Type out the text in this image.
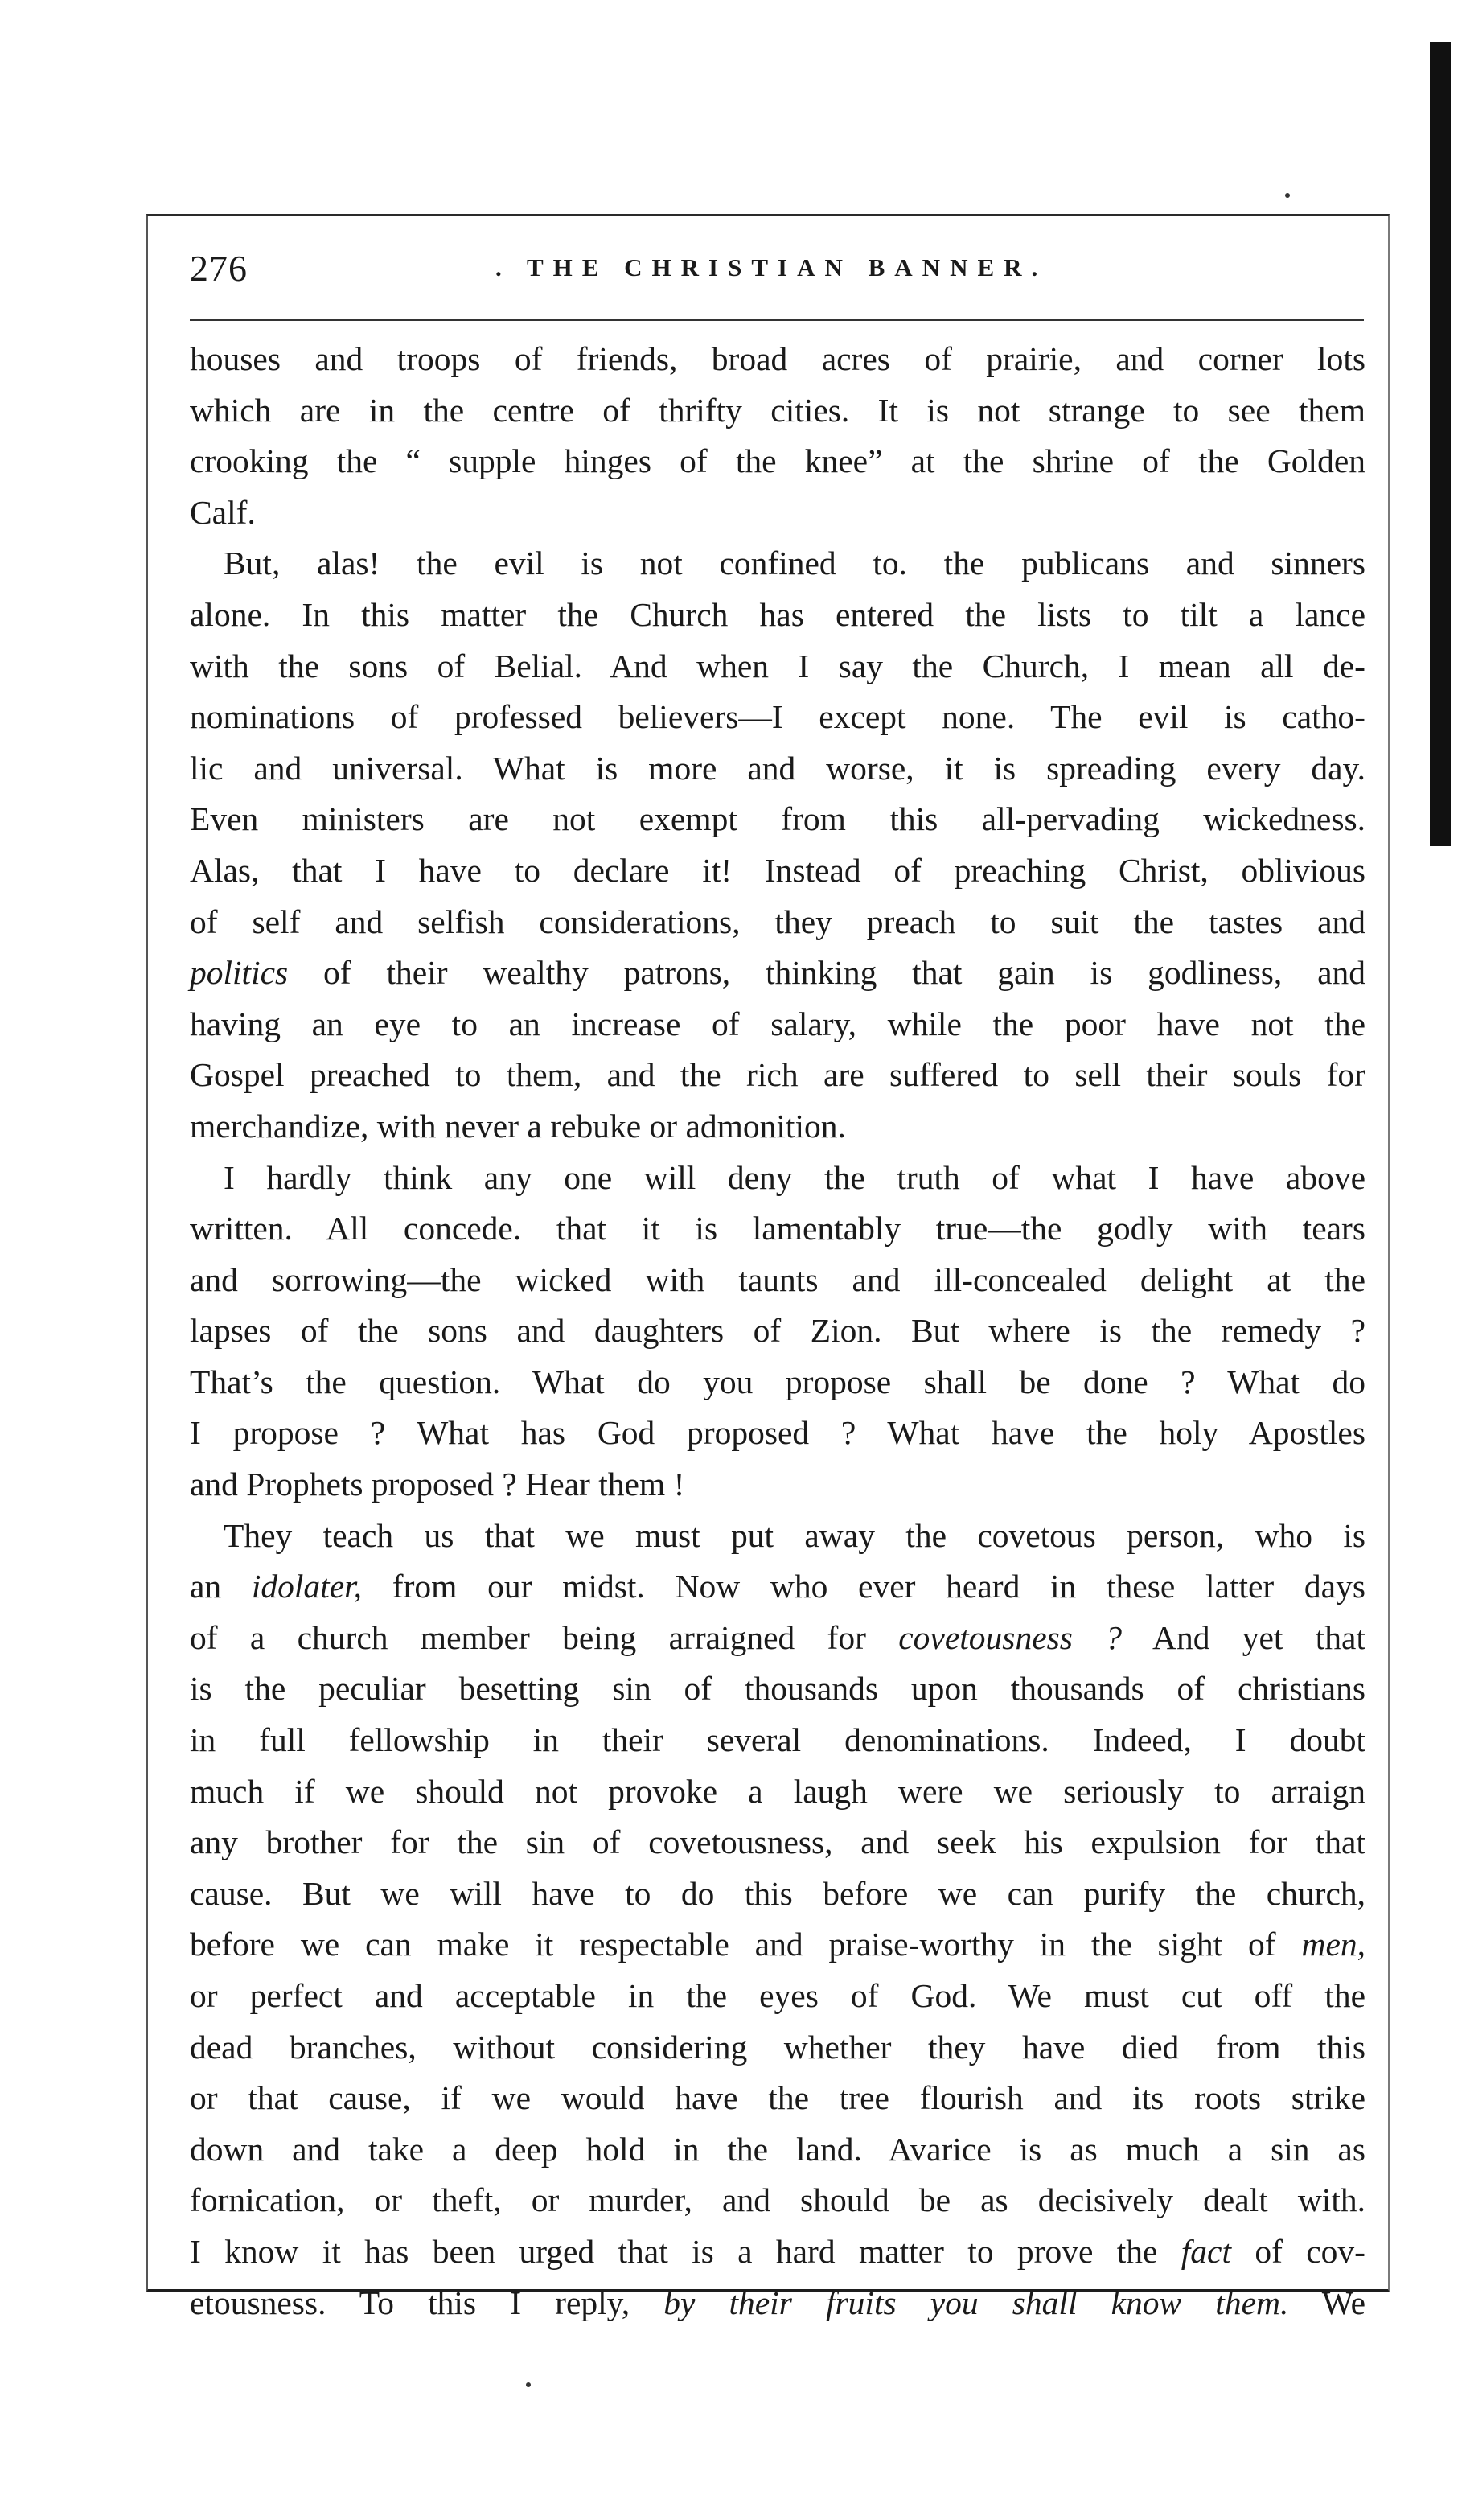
276	. THE CHRISTIAN BANNER.
houses and troops of friends, broad acres of prairie, and corner lots
which are in the centre of thrifty cities. It is not strange to see them
crooking the “ supple hinges of the knee” at the shrine of the Golden
Calf.
But, alas! the evil is not confined to. the publicans and sinners
alone. In this matter the Church has entered the lists to tilt a lance
with the sons of Belial. And when I say the Church, I mean all de-
nominations of professed believers—I except none. The evil is catho-
lic and universal. What is more and worse, it is spreading every day.
Even ministers are not exempt from this all-pervading wickedness.
Alas, that I have to declare it! Instead of preaching Christ, oblivious
of self and selfish considerations, they preach to suit the tastes and
politics of their wealthy patrons, thinking that gain is godliness, and
having an eye to an increase of salary, while the poor have not the
Gospel preached to them, and the rich are suffered to sell their souls for
merchandize, with never a rebuke or admonition.
I hardly think any one will deny the truth of what I have above
written. All concede. that it is lamentably true—the godly with tears
and sorrowing—the wicked with taunts and ill-concealed delight at the
lapses of the sons and daughters of Zion. But where is the remedy ?
That’s the question. What do you propose shall be done ? What do
I propose ? What has God proposed ? What have the holy Apostles
and Prophets proposed ? Hear them !
They teach us that we must put away the covetous person, who is
an idolater, from our midst. Now who ever heard in these latter days
of a church member being arraigned for covetousness ? And yet that
is the peculiar besetting sin of thousands upon thousands of christians
in full fellowship in their several denominations. Indeed, I doubt
much if we should not provoke a laugh were we seriously to arraign
any brother for the sin of covetousness, and seek his expulsion for that
cause. But we will have to do this before we can purify the church,
before we can make it respectable and praise-worthy in the sight of men,
or perfect and acceptable in the eyes of God. We must cut off the
dead branches, without considering whether they have died from this
or that cause, if we would have the tree flourish and its roots strike
down and take a deep hold in the land. Avarice is as much a sin as
fornication, or theft, or murder, and should be as decisively dealt with.
I know it has been urged that is a hard matter to prove the fact of cov-
etousness. To this I reply, by their fruits you shall know them. We
